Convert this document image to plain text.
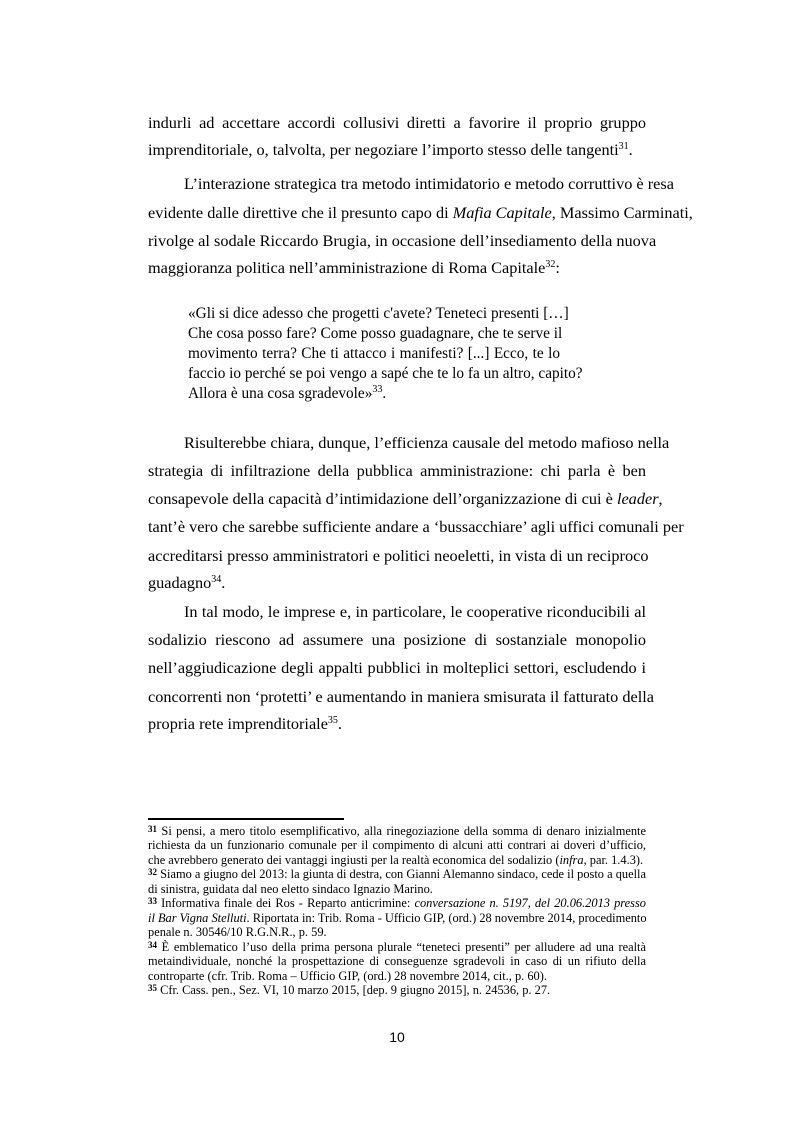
indurli ad accettare accordi collusivi diretti a favorire il proprio gruppo
imprenditoriale, o, talvolta, per negoziare l’importo stesso delle tangenti$^{31}$.
L’interazione strategica tra metodo intimidatorio e metodo corruttivo è resa
evidente dalle direttive che il presunto capo di Mafia Capitale, Massimo Carminati,
rivolge al sodale Riccardo Brugia, in occasione dell’insediamento della nuova
maggioranza politica nell’amministrazione di Roma Capitale$^{32}$:
«Gli si dice adesso che progetti c'avete? Teneteci presenti […]
Che cosa posso fare? Come posso guadagnare, che te serve il
movimento terra? Che ti attacco i manifesti? [...] Ecco, te lo
faccio io perché se poi vengo a sapé che te lo fa un altro, capito?
Allora è una cosa sgradevole»$^{33}$.
Risulterebbe chiara, dunque, l’efficienza causale del metodo mafioso nella
strategia di infiltrazione della pubblica amministrazione: chi parla è ben
consapevole della capacità d’intimidazione dell’organizzazione di cui è leader,
tant’è vero che sarebbe sufficiente andare a ‘bussacchiare’ agli uffici comunali per
accreditarsi presso amministratori e politici neoeletti, in vista di un reciproco
guadagno$^{34}$.
In tal modo, le imprese e, in particolare, le cooperative riconducibili al
sodalizio riescono ad assumere una posizione di sostanziale monopolio
nell’aggiudicazione degli appalti pubblici in molteplici settori, escludendo i
concorrenti non ‘protetti’ e aumentando in maniera smisurata il fatturato della
propria rete imprenditoriale$^{35}$.
$^{31}$ Si pensi, a mero titolo esemplificativo, alla rinegoziazione della somma di denaro inizialmente
richiesta da un funzionario comunale per il compimento di alcuni atti contrari ai doveri d’ufficio,
che avrebbero generato dei vantaggi ingiusti per la realtà economica del sodalizio (infra, par. 1.4.3).
$^{32}$ Siamo a giugno del 2013: la giunta di destra, con Gianni Alemanno sindaco, cede il posto a quella
di sinistra, guidata dal neo eletto sindaco Ignazio Marino.
$^{33}$ Informativa finale dei Ros - Reparto anticrimine: conversazione n. 5197, del 20.06.2013 presso
il Bar Vigna Stelluti. Riportata in: Trib. Roma - Ufficio GIP, (ord.) 28 novembre 2014, procedimento
penale n. 30546/10 R.G.N.R., p. 59.
$^{34}$ È emblematico l’uso della prima persona plurale “teneteci presenti” per alludere ad una realtà
metaindividuale, nonché la prospettazione di conseguenze sgradevoli in caso di un rifiuto della
controparte (cfr. Trib. Roma – Ufficio GIP, (ord.) 28 novembre 2014, cit., p. 60).
$^{35}$ Cfr. Cass. pen., Sez. VI, 10 marzo 2015, [dep. 9 giugno 2015], n. 24536, p. 27.
10
